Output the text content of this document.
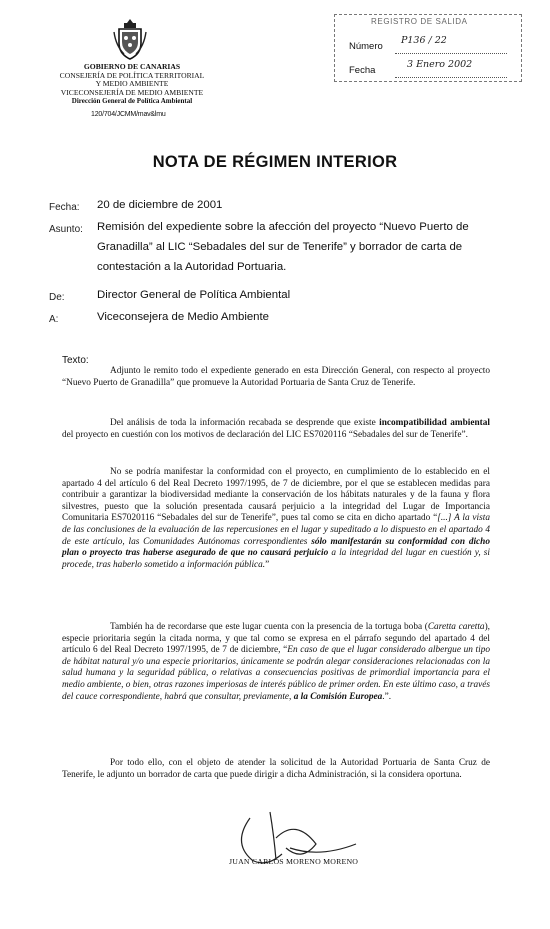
GOBIERNO DE CANARIAS
CONSEJERÍA DE POLÍTICA TERRITORIAL
Y MEDIO AMBIENTE
VICECONSEJERÍA DE MEDIO AMBIENTE
Dirección General de Política Ambiental
120/704/JCMM/mav&lmu
REGISTRO DE SALIDA
Número
P136 / 22
Fecha
3 Enero 2002
NOTA DE RÉGIMEN INTERIOR
Fecha: 20 de diciembre de 2001
Asunto: Remisión del expediente sobre la afección del proyecto “Nuevo Puerto de Granadilla” al LIC “Sebadales del sur de Tenerife” y borrador de carta de contestación a la Autoridad Portuaria.
De:	Director General de Política Ambiental
A:	Viceconsejera de Medio Ambiente
Texto:
Adjunto le remito todo el expediente generado en esta Dirección General, con respecto al proyecto “Nuevo Puerto de Granadilla” que promueve la Autoridad Portuaria de Santa Cruz de Tenerife.
Del análisis de toda la información recabada se desprende que existe incompatibilidad ambiental del proyecto en cuestión con los motivos de declaración del LIC ES7020116 “Sebadales del sur de Tenerife”.
No se podría manifestar la conformidad con el proyecto, en cumplimiento de lo establecido en el apartado 4 del artículo 6 del Real Decreto 1997/1995, de 7 de diciembre, por el que se establecen medidas para contribuir a garantizar la biodiversidad mediante la conservación de los hábitats naturales y de la fauna y flora silvestres, puesto que la solución presentada causará perjuicio a la integridad del Lugar de Importancia Comunitaria ES7020116 “Sebadales del sur de Tenerife”, pues tal como se cita en dicho apartado “[...] A la vista de las conclusiones de la evaluación de las repercusiones en el lugar y supeditado a lo dispuesto en el apartado 4 de este artículo, las Comunidades Autónomas correspondientes sólo manifestarán su conformidad con dicho plan o proyecto tras haberse asegurado de que no causará perjuicio a la integridad del lugar en cuestión y, si procede, tras haberlo sometido a información pública.”
También ha de recordarse que este lugar cuenta con la presencia de la tortuga boba (Caretta caretta), especie prioritaria según la citada norma, y que tal como se expresa en el párrafo segundo del apartado 4 del artículo 6 del Real Decreto 1997/1995, de 7 de diciembre, “En caso de que el lugar considerado albergue un tipo de hábitat natural y/o una especie prioritarios, únicamente se podrán alegar consideraciones relacionadas con la salud humana y la seguridad pública, o relativas a consecuencias positivas de primordial importancia para el medio ambiente, o bien, otras razones imperiosas de interés público de primer orden. En este último caso, a través del cauce correspondiente, habrá que consultar, previamente, a la Comisión Europea.”.
Por todo ello, con el objeto de atender la solicitud de la Autoridad Portuaria de Santa Cruz de Tenerife, le adjunto un borrador de carta que puede dirigir a dicha Administración, si la considera oportuna.
JUAN CARLOS MORENO MORENO
